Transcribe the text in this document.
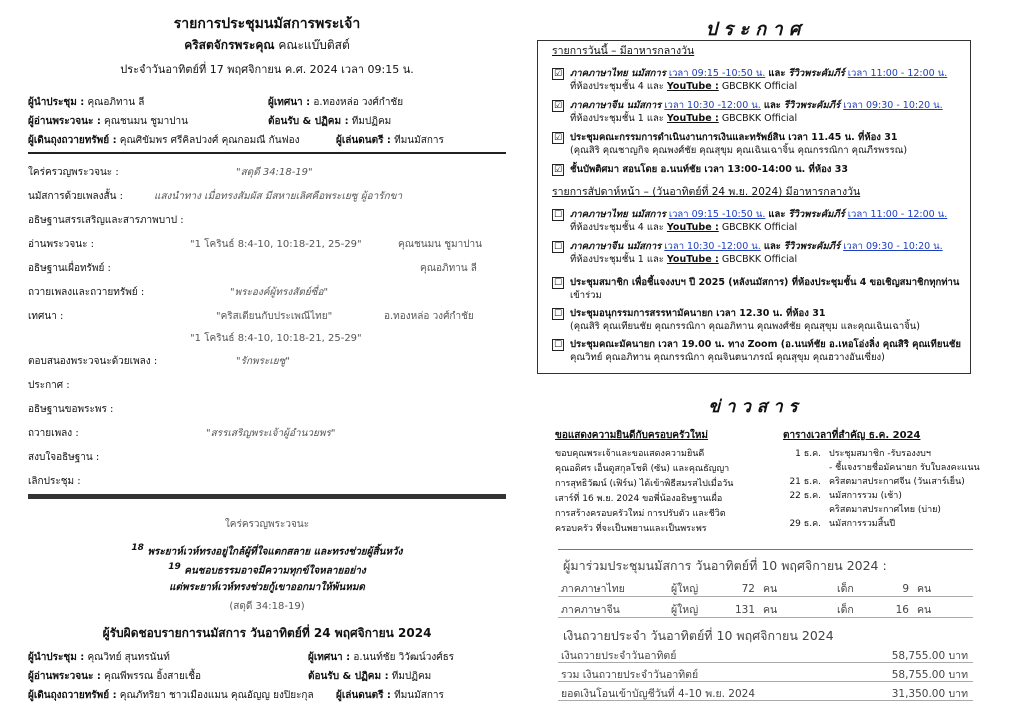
รายการประชุมนมัสการพระเจ้า
คริสตจักรพระคุณ คณะแบ๊บติสต์
ประจำวันอาทิตย์ที่ 17 พฤศจิกายน ค.ศ. 2024 เวลา 09:15 น.
ผู้นำประชุม : คุณอภิทาน ลี	ผู้เทศนา : อ.ทองหล่อ วงศ์กำชัย
ผู้อ่านพระวจนะ : คุณชนมน ชูมาปาน	ต้อนรับ & ปฏิคม : ทีมปฏิคม
ผู้เดินถุงถวายทรัพย์ : คุณศิขัมพร ศรีคิลปวงศ์ คุณกอมณี กันฟอง	ผู้เล่นดนตรี : ทีมนมัสการ
ใคร่ครวญพระวจนะ :	"สดุดี 34:18-19"
นมัสการด้วยเพลงสั้น :	แสงนำทาง เมื่อทรงสัมผัส มีสหายเลิศคือพระเยซู ผู้อารักขา
อธิษฐานสรรเสริญและสารภาพบาป :
อ่านพระวจนะ :	"1 โครินธ์ 8:4-10, 10:18-21, 25-29"	คุณชนมน ชูมาปาน
อธิษฐานเผื่อทรัพย์ :	คุณอภิทาน ลี
ถวายเพลงและถวายทรัพย์ :	"พระองค์ผู้ทรงสัตย์ซื่อ"
เทศนา :	"คริสเตียนกับประเพณีไทย"	อ.ทองหล่อ วงศ์กำชัย
"1 โครินธ์ 8:4-10, 10:18-21, 25-29"
ตอบสนองพระวจนะด้วยเพลง :	"รักพระเยซู"
ประกาศ :
อธิษฐานขอพระพร :
ถวายเพลง :	"สรรเสริญพระเจ้าผู้อำนวยพร"
สงบใจอธิษฐาน :
เลิกประชุม :
ใคร่ครวญพระวจนะ
$^{18}$ พระยาห์เวห์ทรงอยู่ใกล้ผู้ที่ใจแตกสลาย และทรงช่วยผู้สิ้นหวัง
$^{19}$ คนชอบธรรมอาจมีความทุกข์ใจหลายอย่าง
แต่พระยาห์เวห์ทรงช่วยกู้เขาออกมาให้พ้นหมด
(สดุดี 34:18-19)
ผู้รับผิดชอบรายการนมัสการ วันอาทิตย์ที่ 24 พฤศจิกายน 2024
ผู้นำประชุม : คุณวิทย์ สุนทรนันท์	ผู้เทศนา : อ.นนท์ชัย วิวัฒน์วงศ์ธร
ผู้อ่านพระวจนะ : คุณพีพรรณ อิ้งสายเชื้อ	ต้อนรับ & ปฏิคม : ทีมปฏิคม
ผู้เดินถุงถวายทรัพย์ : คุณภัทริยา ชาวเมืองแมน คุณอัญญ ยงปิยะกุล ผู้เล่นดนตรี : ทีมนมัสการ
ป ร ะ ก า ศ
รายการวันนี้ – มีอาหารกลางวัน
☑ ภาคภาษาไทย นมัสการ เวลา 09:15 -10:50 น. และ รีวิวพระคัมภีร์ เวลา 11:00 - 12:00 น.
ที่ห้องประชุมชั้น 4 และ YouTube : GBCBKK Official
☑ ภาคภาษาจีน นมัสการ เวลา 10:30 -12:00 น. และ รีวิวพระคัมภีร์ เวลา 09:30 - 10:20 น.
ที่ห้องประชุมชั้น 1 และ YouTube : GBCBKK Official
☑ ประชุมคณะกรรมการดำเนินงานการเงินและทรัพย์สิน เวลา 11.45 น. ที่ห้อง 31
(คุณสิริ คุณชาญกิจ คุณพงศ์ชัย คุณสุขุม คุณเฉินเฉาจิ้น คุณกรรณิกา คุณภีรพรรณ)
☑ ชั้นบัพติศมา สอนโดย อ.นนท์ชัย เวลา 13:00-14:00 น. ที่ห้อง 33
รายการสัปดาห์หน้า – (วันอาทิตย์ที่ 24 พ.ย. 2024) มีอาหารกลางวัน
☐ ภาคภาษาไทย นมัสการ เวลา 09:15 -10:50 น. และ รีวิวพระคัมภีร์ เวลา 11:00 - 12:00 น.
ที่ห้องประชุมชั้น 4 และ YouTube : GBCBKK Official
☐ ภาคภาษาจีน นมัสการ เวลา 10:30 -12:00 น. และ รีวิวพระคัมภีร์ เวลา 09:30 - 10:20 น.
ที่ห้องประชุมชั้น 1 และ YouTube : GBCBKK Official
☐ ประชุมสมาชิก เพื่อชี้แจงงบฯ ปี 2025 (หลังนมัสการ) ที่ห้องประชุมชั้น 4 ขอเชิญสมาชิกทุกท่าน
เข้าร่วม
☐ ประชุมอนุกรรมการสรรหามัคนายก เวลา 12.30 น. ที่ห้อง 31
(คุณสิริ คุณเทียนชัย คุณกรรณิกา คุณอภิทาน คุณพงศ์ชัย คุณสุขุม และคุณเฉินเฉาจิ้น)
☐ ประชุมคณะมัคนายก เวลา 19.00 น. ทาง Zoom (อ.นนท์ชัย อ.เหอโอ่งลิ่ง คุณสิริ คุณเทียนชัย
คุณวิทย์ คุณอภิทาน คุณกรรณิกา คุณจินตนาภรณ์ คุณสุขุม คุณฮวางอันเซี่ยง)
ข่ า ว ส า ร
ขอแสดงความยินดีกับครอบครัวใหม่
ขอบคุณพระเจ้าและขอแสดงความยินดี
คุณอดิศร เอ็นดูสกุลโชติ (ซัน) และคุณธัญญา
การสุทธิวัฒน์ (เฟิร์น) ได้เข้าพิธีสมรสไปเมื่อวัน
เสาร์ที่ 16 พ.ย. 2024 ขอพี่น้องอธิษฐานเผื่อ
การสร้างครอบครัวใหม่ การปรับตัว และชีวิต
ครอบครัว ที่จะเป็นพยานและเป็นพระพร
ตารางเวลาที่สำคัญ ธ.ค. 2024
1 ธ.ค. ประชุมสมาชิก -รับรองงบฯ
- ชี้แจงรายชื่อมัคนายก รับใบลงคะแนน
21 ธ.ค. คริสตมาสประกาศจีน (วันเสาร์เย็น)
22 ธ.ค. นมัสการรวม (เช้า)
คริสตมาสประกาศไทย (บ่าย)
29 ธ.ค. นมัสการรวมสิ้นปี
ผู้มาร่วมประชุมนมัสการ วันอาทิตย์ที่ 10 พฤศจิกายน 2024 :
ภาคภาษาไทย	ผู้ใหญ่	72 คน	เด็ก	9 คน
ภาคภาษาจีน	ผู้ใหญ่	131 คน	เด็ก	16 คน
เงินถวายประจำ วันอาทิตย์ที่ 10 พฤศจิกายน 2024
เงินถวายประจำวันอาทิตย์	58,755.00 บาท
รวม เงินถวายประจำวันอาทิตย์	58,755.00 บาท
ยอดเงินโอนเข้าบัญชีวันที่ 4-10 พ.ย. 2024	31,350.00 บาท
